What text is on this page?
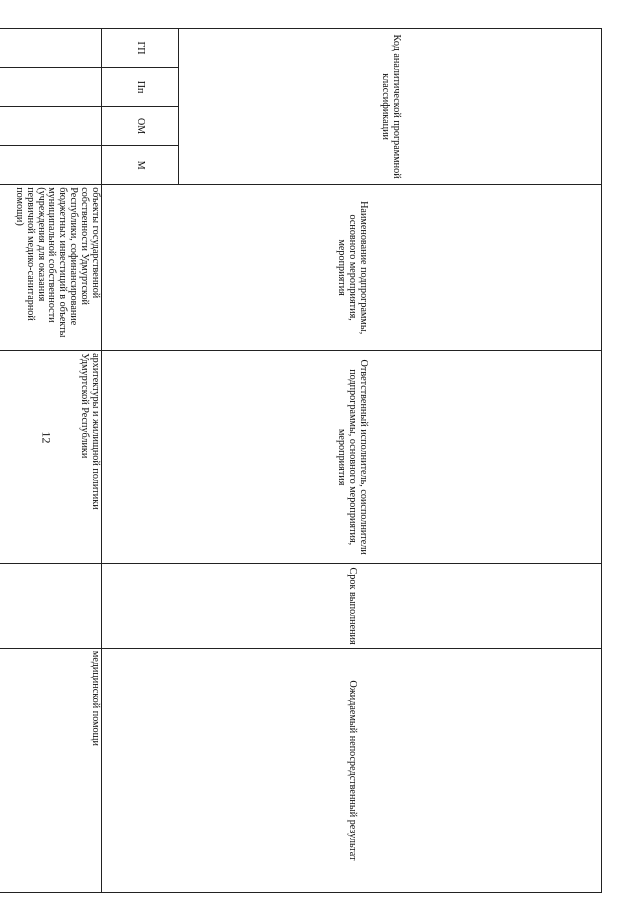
12
Код аналитической программной классификации				Наименование подпрограммы, основного мероприятия, мероприятия	Ответственный исполнитель, соисполнители подпрограммы, основного мероприятия, мероприятия	Срок выполнения	Ожидаемый непосредственный результат	
ГП	Пп	ОМ	М					
				объекты государственной собственности Удмуртской Республики, софинансирование бюджетных инвестиций в объекты муниципальной собственности (учреждения для оказания первичной медико-санитарной помощи)	архитектуры и жилищной политики Удмуртской Республики		медицинской помощи	
